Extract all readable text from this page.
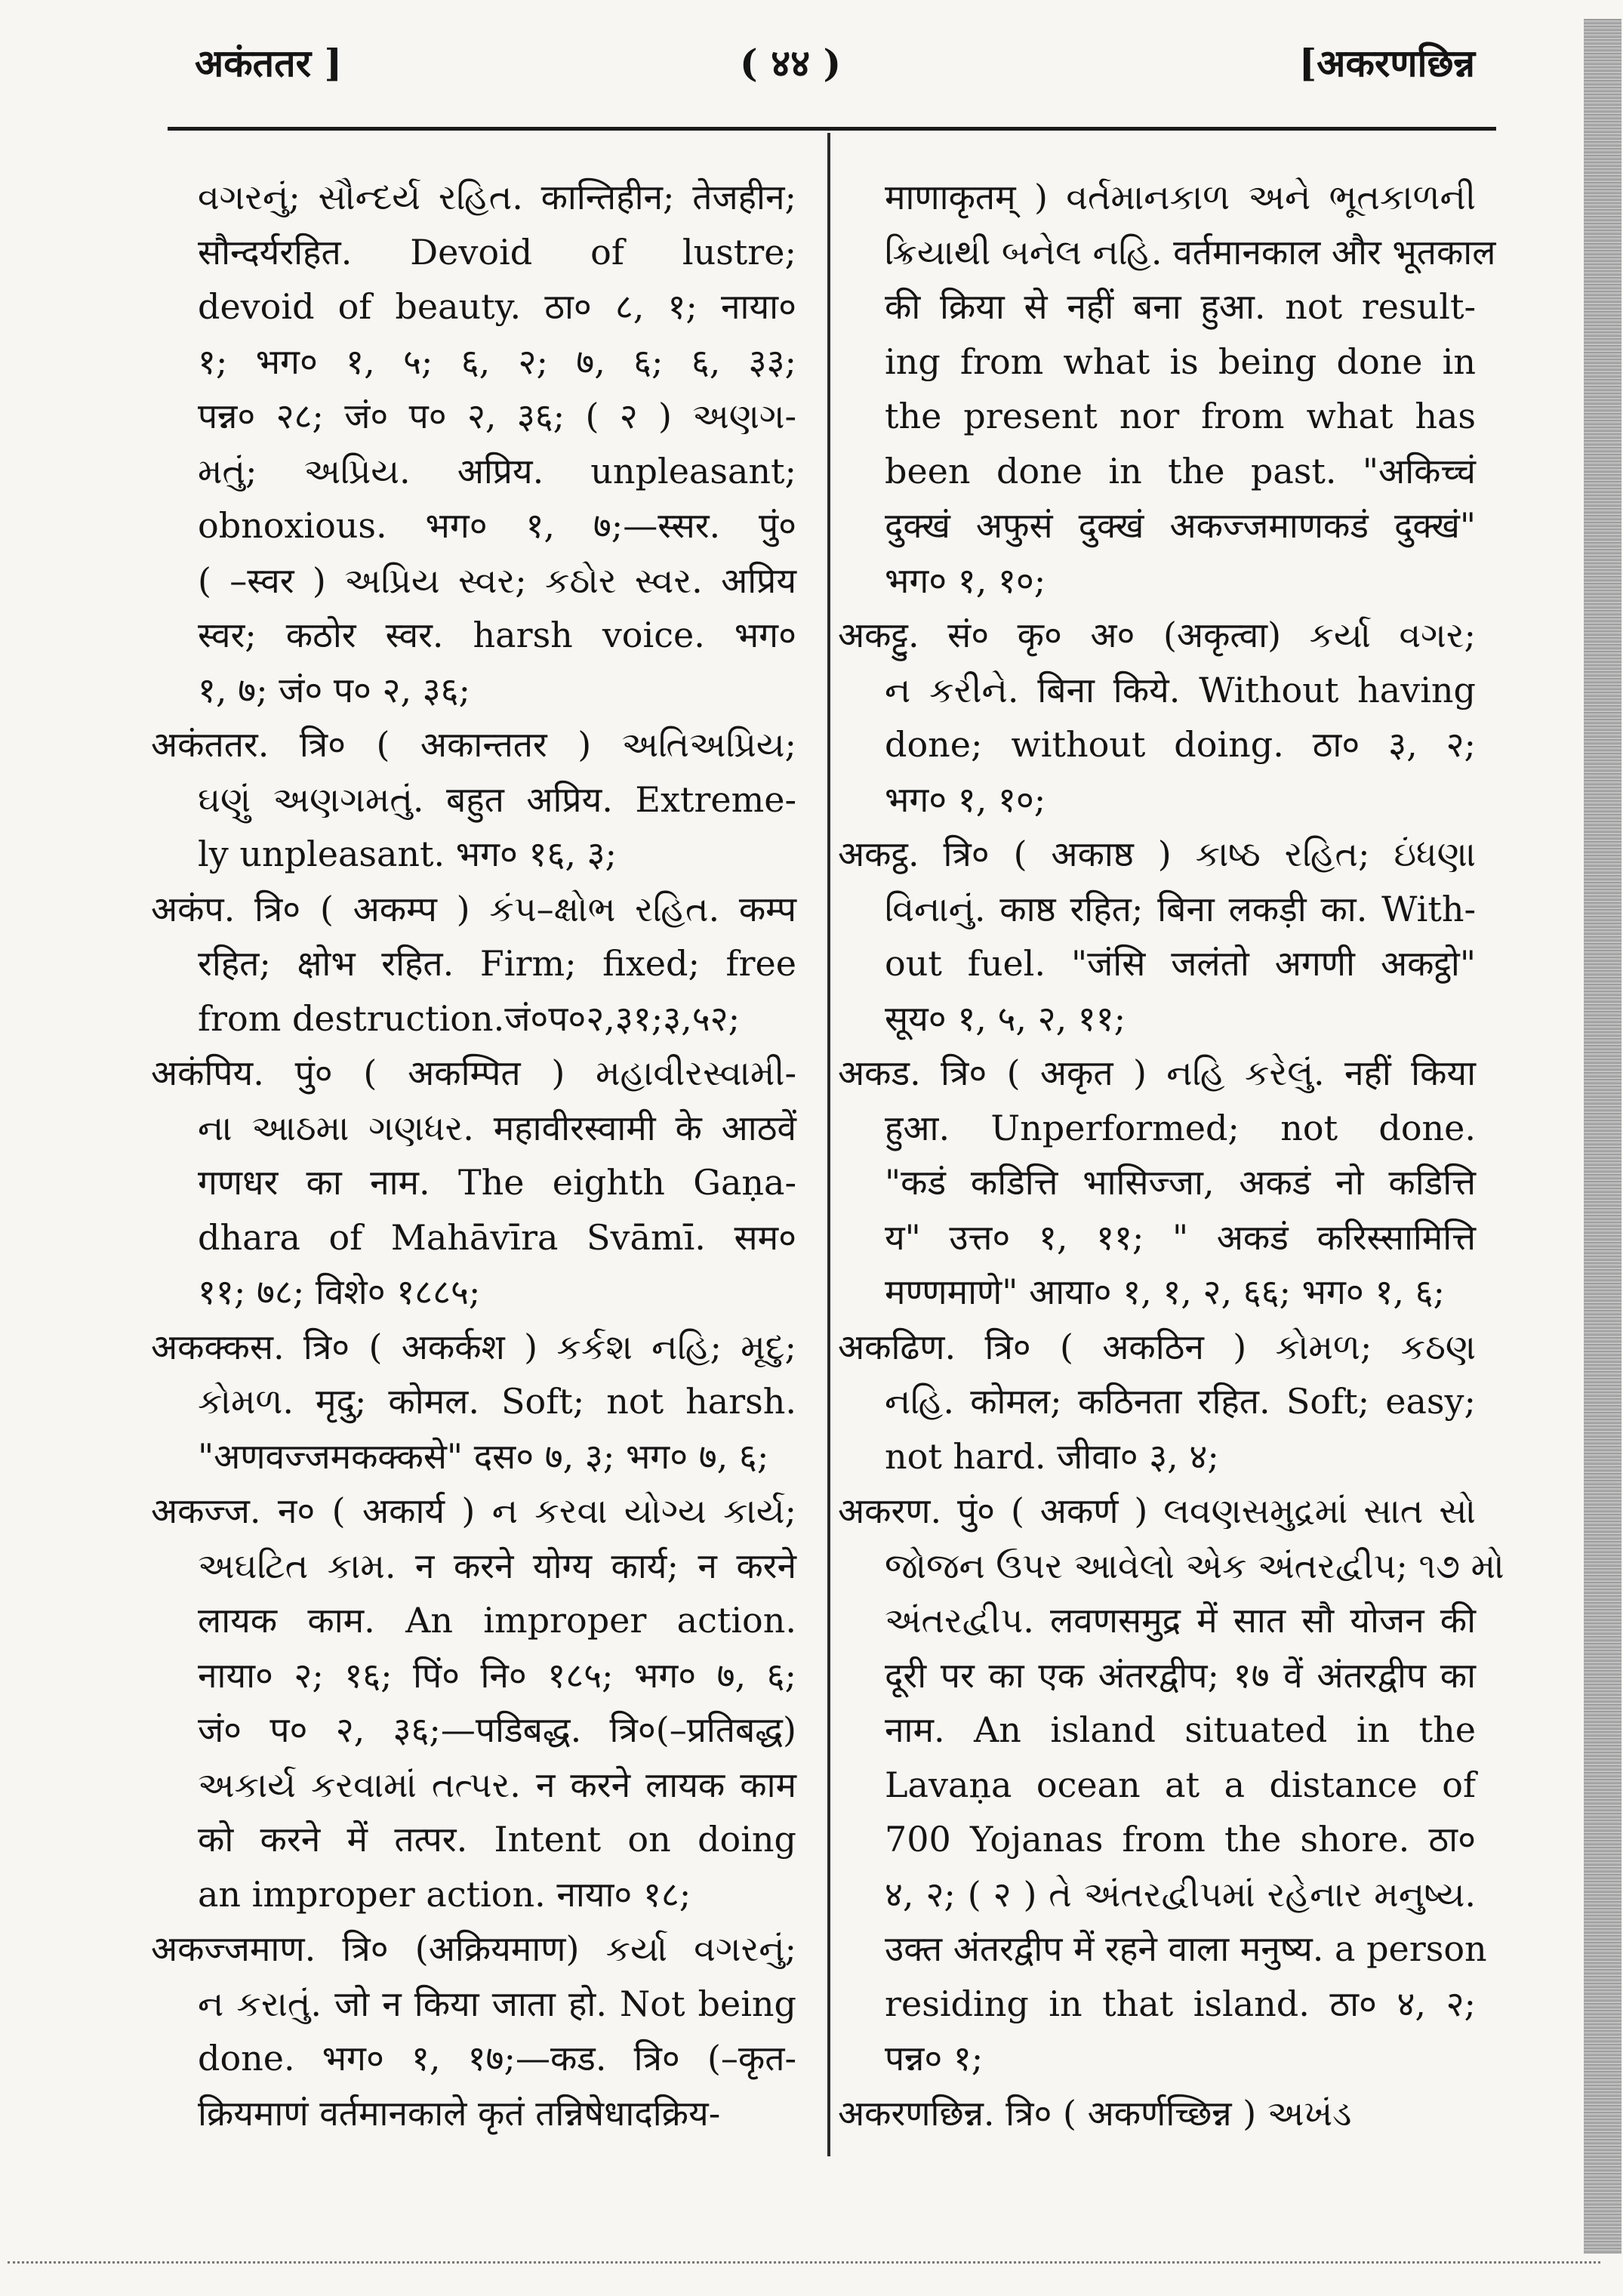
अकंततर ]	( ४४ )	[अकरणछिन्न
વગરનું; સૌન્દર્ય રહિત. कान्तिहीन; तेजहीन;
सौन्दर्यरहित. Devoid of lustre;
devoid of beauty. ठा० ८, १; नाया०
१; भग० १, ५; ६, २; ७, ६; ६, ३३;
पन्न० २८; जं० प० २, ३६; ( २ ) અણગ-
મતું; અપ્રિય. अप्रिय. unpleasant;
obnoxious. भग० १, ७;—स्सर. पुं०
( –स्वर ) અપ્રિય સ્વર; કઠોર સ્વર. अप्रिय
स्वर; कठोर स्वर. harsh voice. भग०
१, ७; जं० प० २, ३६;
अकंततर. त्रि० ( अकान्ततर ) અતિઅપ્રિય;
ઘણું અણગમતું. बहुत अप्रिय. Extreme-
ly unpleasant. भग० १६, ३;
अकंप. त्रि० ( अकम्प ) કંપ–ક્ષોભ રહિત. कम्प
रहित; क्षोभ रहित. Firm; fixed; free
from destruction.जं०प०२,३१;३,५२;
अकंपिय. पुं० ( अकम्पित ) મહાવીરસ્વામી-
ના આઠમા ગણધર. महावीरस्वामी के आठवें
गणधर का नाम. The eighth Gaṇa-
dhara of Mahāvīra Svāmī. सम०
११; ७८; विशे० १८८५;
अकक्कस. त्रि० ( अकर्कश ) કર્કશ નહિ; મૃદુ;
કોમળ. मृदु; कोमल. Soft; not harsh.
"अणवज्जमकक्कसे" दस० ७, ३; भग० ७, ६;
अकज्ज. न० ( अकार्य ) ન કરવા યોગ્ય કાર્ય;
અઘટિત કામ. न करने योग्य कार्य; न करने
लायक काम. An improper action.
नाया० २; १६; पिं० नि० १८५; भग० ७, ६;
जं० प० २, ३६;—पडिबद्ध. त्रि०(–प्रतिबद्ध)
અકાર્ય કરવામાં તત્પર. न करने लायक काम
को करने में तत्पर. Intent on doing
an improper action. नाया० १८;
अकज्जमाण. त्रि० (अक्रियमाण) કર્યા વગરનું;
ન કરાતું. जो न किया जाता हो. Not being
done. भग० १, १७;—कड. त्रि० (–कृत-
क्रियमाणं वर्तमानकाले कृतं तन्निषेधादक्रिय-
माणाकृतम् ) વર્તમાનકાળ અને ભૂતકાળની
ક્રિયાથી બનેલ નહિ. वर्तमानकाल और भूतकाल
की क्रिया से नहीं बना हुआ. not result-
ing from what is being done in
the present nor from what has
been done in the past. "अकिच्चं
दुक्खं अफुसं दुक्खं अकज्जमाणकडं दुक्खं"
भग० १, १०;
अकट्टु. सं० कृ० अ० (अकृत्वा) કર્યા વગર;
ન કરીને. बिना किये. Without having
done; without doing. ठा० ३, २;
भग० १, १०;
अकट्ठ. त्रि० ( अकाष्ठ ) કાષ્ઠ રહિત; ઇંધણા
વિનાનું. काष्ठ रहित; बिना लकड़ी का. With-
out fuel. "जंसि जलंतो अगणी अकट्ठो"
सूय० १, ५, २, ११;
अकड. त्रि० ( अकृत ) નહિ કરેલું. नहीं किया
हुआ. Unperformed; not done.
"कडं कडित्ति भासिज्जा, अकडं नो कडित्ति
य" उत्त० १, ११; " अकडं करिस्सामित्ति
मण्णमाणे" आया० १, १, २, ६६; भग० १, ६;
अकढिण. त्रि० ( अकठिन ) કોમળ; કઠણ
નહિ. कोमल; कठिनता रहित. Soft; easy;
not hard. जीवा० ३, ४;
अकरण. पुं० ( अकर्ण ) લવણસમુદ્રમાં સાત સો
જોજન ઉપર આવેલો એક અંતરદ્વીપ; ૧૭ મો
અંતરદ્વીપ. लवणसमुद्र में सात सौ योजन की
दूरी पर का एक अंतरद्वीप; १७ वें अंतरद्वीप का
नाम. An island situated in the
Lavaṇa ocean at a distance of
700 Yojanas from the shore. ठा०
४, २; ( २ ) તે અંતરદ્વીપમાં રહેનાર મનુષ્ય.
उक्त अंतरद्वीप में रहने वाला मनुष्य. a person
residing in that island. ठा० ४, २;
पन्न० १;
अकरणछिन्न. त्रि० ( अकर्णच्छिन्न ) અખંડ
